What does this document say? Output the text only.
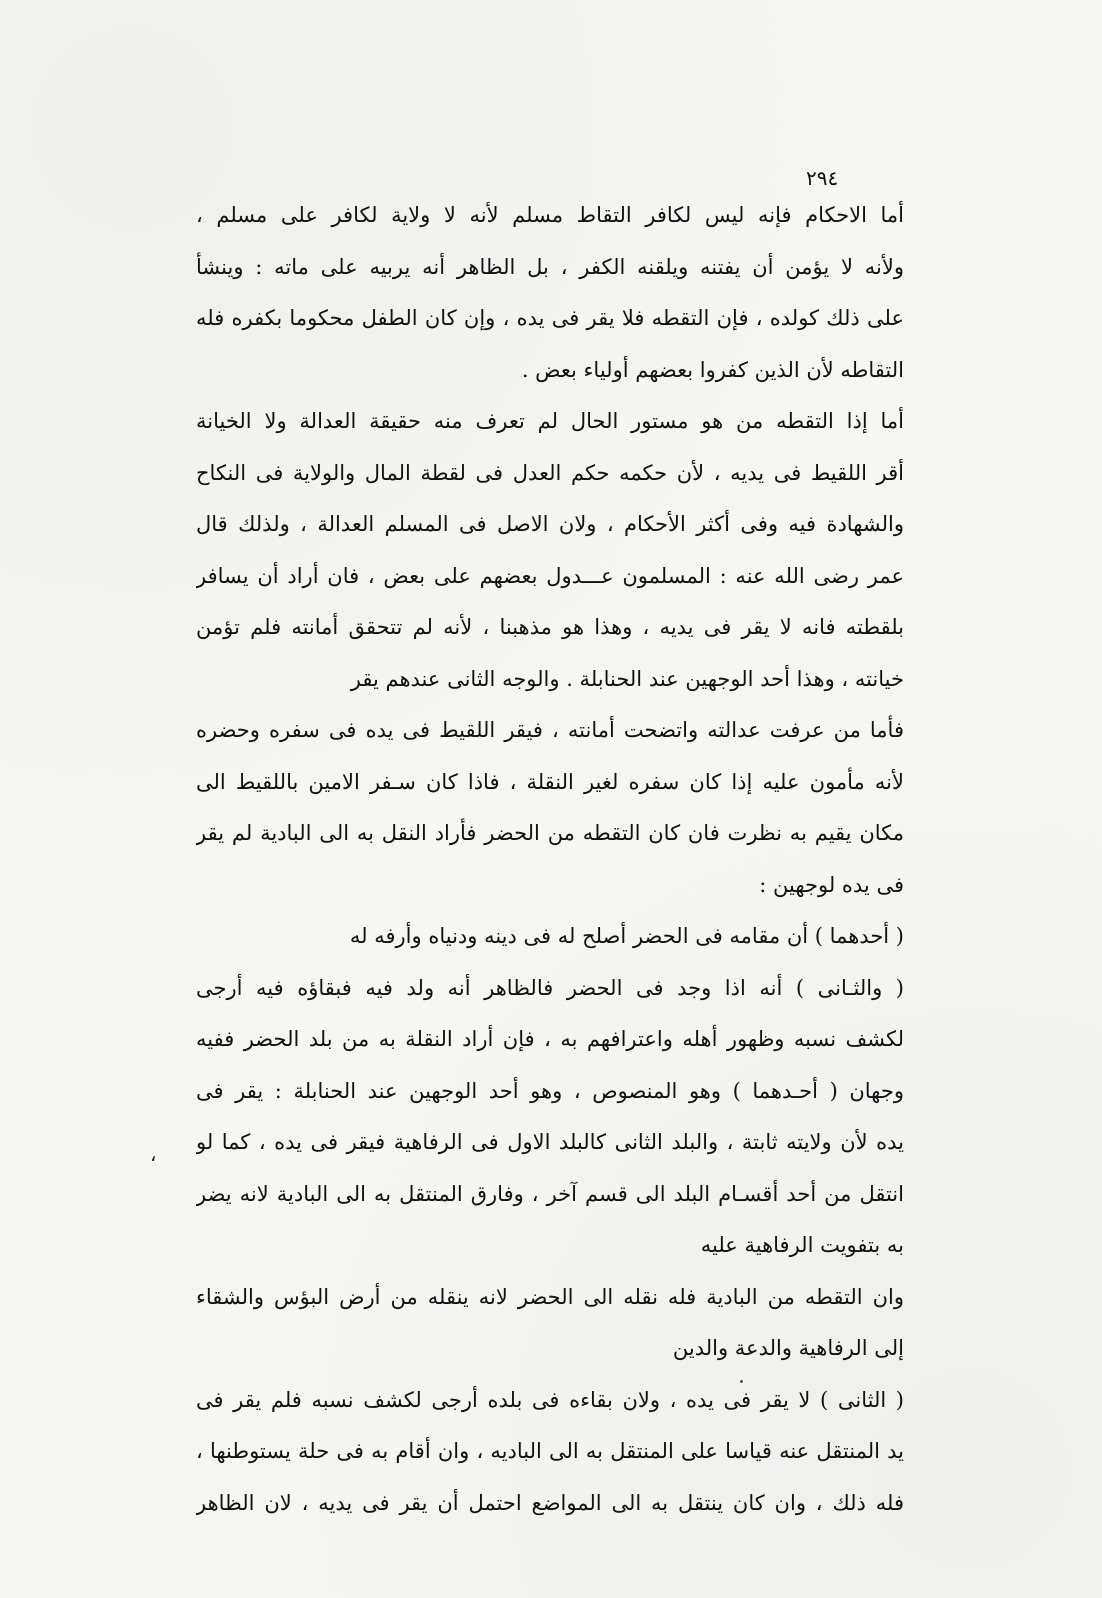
٢٩٤
،

أما الاحكام فإنه ليس لكافر التقاط مسلم لأنه لا ولاية لكافر على مسلم ،
ولأنه لا يؤمن أن يفتنه ويلقنه الكفر ، بل الظاهر أنه يربيه على ماته : وينشأ
على ذلك كولده ، فإن التقطه فلا يقر فى يده ، وإن كان الطفل محكوما بكفره فله
التقاطه لأن الذين كفروا بعضهم أولياء بعض .

أما إذا التقطه من هو مستور الحال لم تعرف منه حقيقة العدالة ولا الخيانة
أقر اللقيط فى يديه ، لأن حكمه حكم العدل فى لقطة المال والولاية فى النكاح
والشهادة فيه وفى أكثر الأحكام ، ولان الاصل فى المسلم العدالة ، ولذلك قال
عمر رضى الله عنه : المسلمون عـــدول بعضهم على بعض ، فان أراد أن يسافر
بلقطته فانه لا يقر فى يديه ، وهذا هو مذهبنا ، لأنه لم تتحقق أمانته فلم تؤمن
خيانته ، وهذا أحد الوجهين عند الحنابلة . والوجه الثانى عندهم يقر

فأما من عرفت عدالته واتضحت أمانته ، فيقر اللقيط فى يده فى سفره وحضره
لأنه مأمون عليه إذا كان سفره لغير النقلة ، فاذا كان سـفر الامين باللقيط الى
مكان يقيم به نظرت فان كان التقطه من الحضر فأراد النقل به الى البادية لم يقر
فى يده لوجهين :

( أحدهما ) أن مقامه فى الحضر أصلح له فى دينه ودنياه وأرفه له

( والثـانى ) أنه اذا وجد فى الحضر فالظاهر أنه ولد فيه فبقاؤه فيه أرجى
لكشف نسبه وظهور أهله واعترافهم به ، فإن أراد النقلة به من بلد الحضر ففيه
وجهان ( أحـدهما ) وهو المنصوص ، وهو أحد الوجهين عند الحنابلة : يقر فى
يده لأن ولايته ثابتة ، والبلد الثانى كالبلد الاول فى الرفاهية فيقر فى يده ، كما لو
انتقل من أحد أقسـام البلد الى قسم آخر ، وفارق المنتقل به الى البادية لانه يضر
به بتفويت الرفاهية عليه

وان التقطه من البادية فله نقله الى الحضر لانه ينقله من أرض البؤس والشقاء
إلى الرفاهية والدعة والدين

( الثانى ) لا يقر فى يده ، ولان بقاءه فى بلده أرجى لكشف نسبه فلم يقر فى
يد المنتقل عنه قياسا على المنتقل به الى الباديه ، وان أقام به فى حلة يستوطنها ،
فله ذلك ، وان كان ينتقل به الى المواضع احتمل أن يقر فى يديه ، لان الظاهر
